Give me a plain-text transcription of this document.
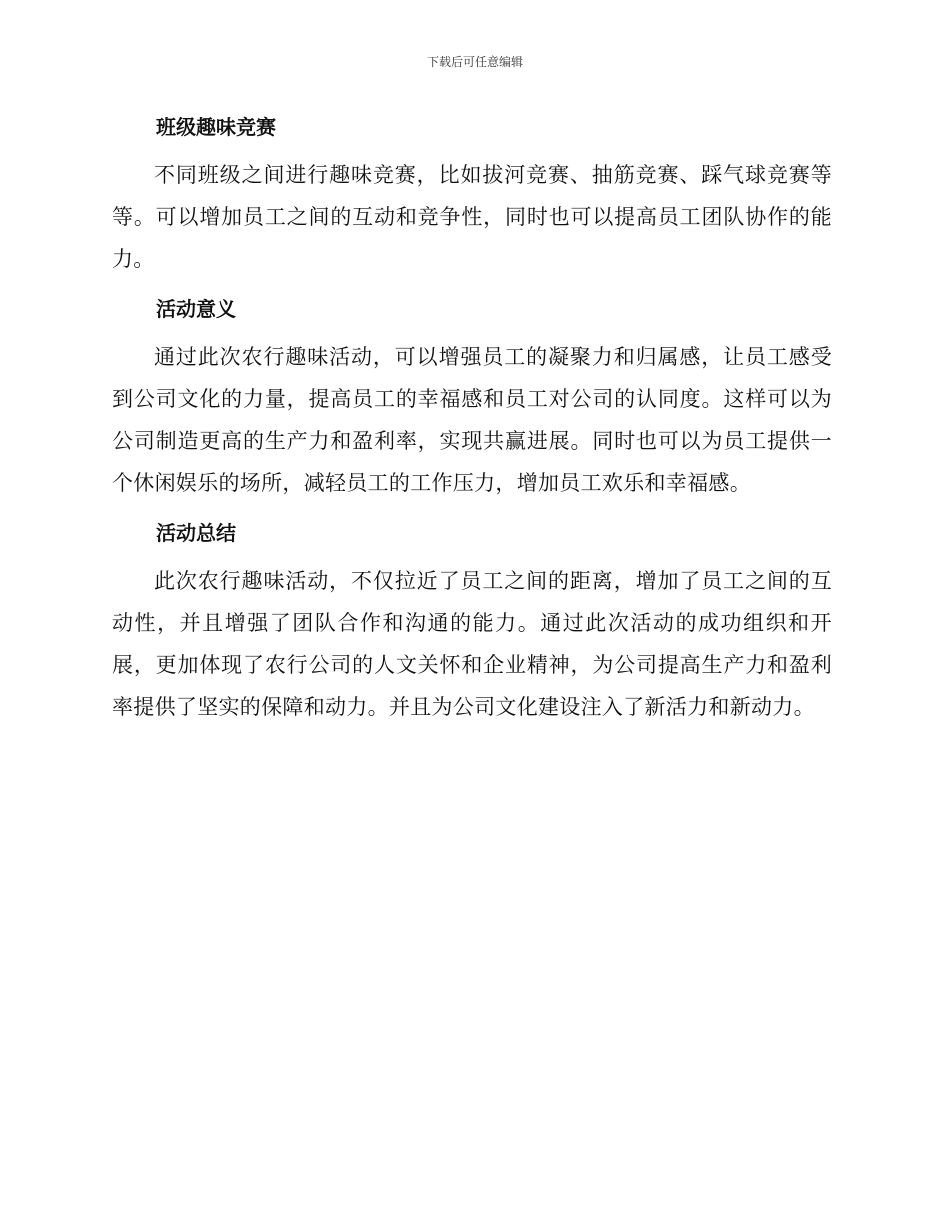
下载后可任意编辑
班级趣味竞赛

不同班级之间进行趣味竞赛，比如拔河竞赛、抽筋竞赛、踩气球竞赛等等。可以增加员工之间的互动和竞争性，同时也可以提高员工团队协作的能力。

活动意义

通过此次农行趣味活动，可以增强员工的凝聚力和归属感，让员工感受到公司文化的力量，提高员工的幸福感和员工对公司的认同度。这样可以为公司制造更高的生产力和盈利率，实现共赢进展。同时也可以为员工提供一个休闲娱乐的场所，减轻员工的工作压力，增加员工欢乐和幸福感。

活动总结

此次农行趣味活动，不仅拉近了员工之间的距离，增加了员工之间的互动性，并且增强了团队合作和沟通的能力。通过此次活动的成功组织和开展，更加体现了农行公司的人文关怀和企业精神，为公司提高生产力和盈利率提供了坚实的保障和动力。并且为公司文化建设注入了新活力和新动力。
